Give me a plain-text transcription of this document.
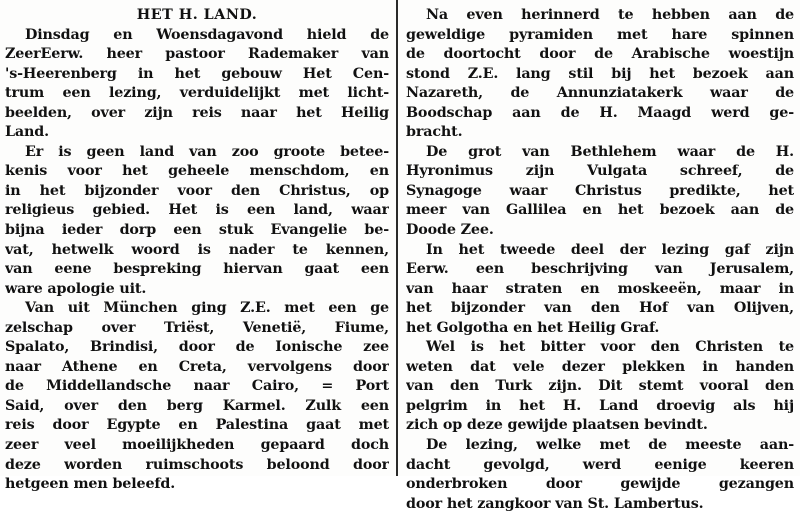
HET H. LAND.
Dinsdag en Woensdagavond hield de
ZeerEerw. heer pastoor Rademaker van
's-Heerenberg in het gebouw Het Cen-
trum een lezing, verduidelijkt met licht-
beelden, over zijn reis naar het Heilig
Land.
Er is geen land van zoo groote betee-
kenis voor het geheele menschdom, en
in het bijzonder voor den Christus, op
religieus gebied. Het is een land, waar
bijna ieder dorp een stuk Evangelie be-
vat, hetwelk woord is nader te kennen,
van eene bespreking hiervan gaat een
ware apologie uit.
Van uit München ging Z.E. met een ge
zelschap over Triëst, Venetië, Fiume,
Spalato, Brindisi, door de Ionische zee
naar Athene en Creta, vervolgens door
de Middellandsche naar Cairo, = Port
Said, over den berg Karmel. Zulk een
reis door Egypte en Palestina gaat met
zeer veel moeilijkheden gepaard doch
deze worden ruimschoots beloond door
hetgeen men beleefd.
Na even herinnerd te hebben aan de
geweldige pyramiden met hare spinnen
de doortocht door de Arabische woestijn
stond Z.E. lang stil bij het bezoek aan
Nazareth, de Annunziatakerk waar de
Boodschap aan de H. Maagd werd ge-
bracht.
De grot van Bethlehem waar de H.
Hyronimus zijn Vulgata schreef, de
Synagoge waar Christus predikte, het
meer van Gallilea en het bezoek aan de
Doode Zee.
In het tweede deel der lezing gaf zijn
Eerw. een beschrijving van Jerusalem,
van haar straten en moskeeën, maar in
het bijzonder van den Hof van Olijven,
het Golgotha en het Heilig Graf.
Wel is het bitter voor den Christen te
weten dat vele dezer plekken in handen
van den Turk zijn. Dit stemt vooral den
pelgrim in het H. Land droevig als hij
zich op deze gewijde plaatsen bevindt.
De lezing, welke met de meeste aan-
dacht gevolgd, werd eenige keeren
onderbroken door gewijde gezangen
door het zangkoor van St. Lambertus.
